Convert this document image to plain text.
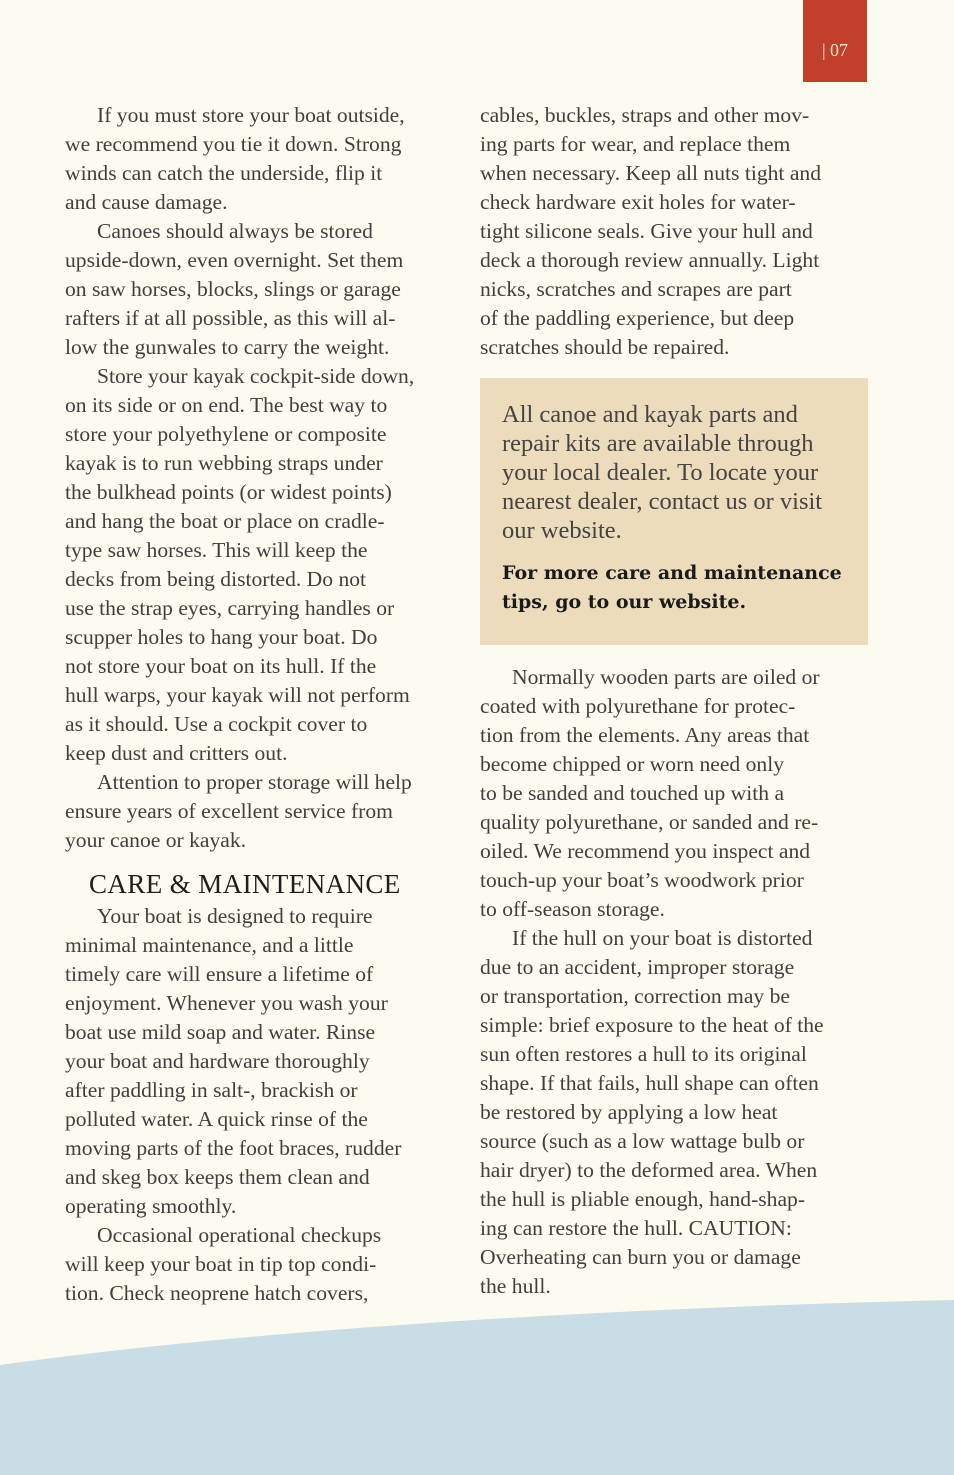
| 07
If you must store your boat outside,
we recommend you tie it down. Strong
winds can catch the underside, flip it
and cause damage.
Canoes should always be stored
upside-down, even overnight. Set them
on saw horses, blocks, slings or garage
rafters if at all possible, as this will al-
low the gunwales to carry the weight.
Store your kayak cockpit-side down,
on its side or on end. The best way to
store your polyethylene or composite
kayak is to run webbing straps under
the bulkhead points (or widest points)
and hang the boat or place on cradle-
type saw horses. This will keep the
decks from being distorted. Do not
use the strap eyes, carrying handles or
scupper holes to hang your boat. Do
not store your boat on its hull. If the
hull warps, your kayak will not perform
as it should. Use a cockpit cover to
keep dust and critters out.
Attention to proper storage will help
ensure years of excellent service from
your canoe or kayak.
CARE & MAINTENANCE
Your boat is designed to require
minimal maintenance, and a little
timely care will ensure a lifetime of
enjoyment. Whenever you wash your
boat use mild soap and water. Rinse
your boat and hardware thoroughly
after paddling in salt-, brackish or
polluted water. A quick rinse of the
moving parts of the foot braces, rudder
and skeg box keeps them clean and
operating smoothly.
Occasional operational checkups
will keep your boat in tip top condi-
tion. Check neoprene hatch covers,
cables, buckles, straps and other mov-
ing parts for wear, and replace them
when necessary. Keep all nuts tight and
check hardware exit holes for water-
tight silicone seals. Give your hull and
deck a thorough review annually. Light
nicks, scratches and scrapes are part
of the paddling experience, but deep
scratches should be repaired.
All canoe and kayak parts and
repair kits are available through
your local dealer. To locate your
nearest dealer, contact us or visit
our website.
For more care and maintenance
tips, go to our website.
Normally wooden parts are oiled or
coated with polyurethane for protec-
tion from the elements. Any areas that
become chipped or worn need only
to be sanded and touched up with a
quality polyurethane, or sanded and re-
oiled. We recommend you inspect and
touch-up your boat’s woodwork prior
to off-season storage.
If the hull on your boat is distorted
due to an accident, improper storage
or transportation, correction may be
simple: brief exposure to the heat of the
sun often restores a hull to its original
shape. If that fails, hull shape can often
be restored by applying a low heat
source (such as a low wattage bulb or
hair dryer) to the deformed area. When
the hull is pliable enough, hand-shap-
ing can restore the hull. CAUTION:
Overheating can burn you or damage
the hull.
